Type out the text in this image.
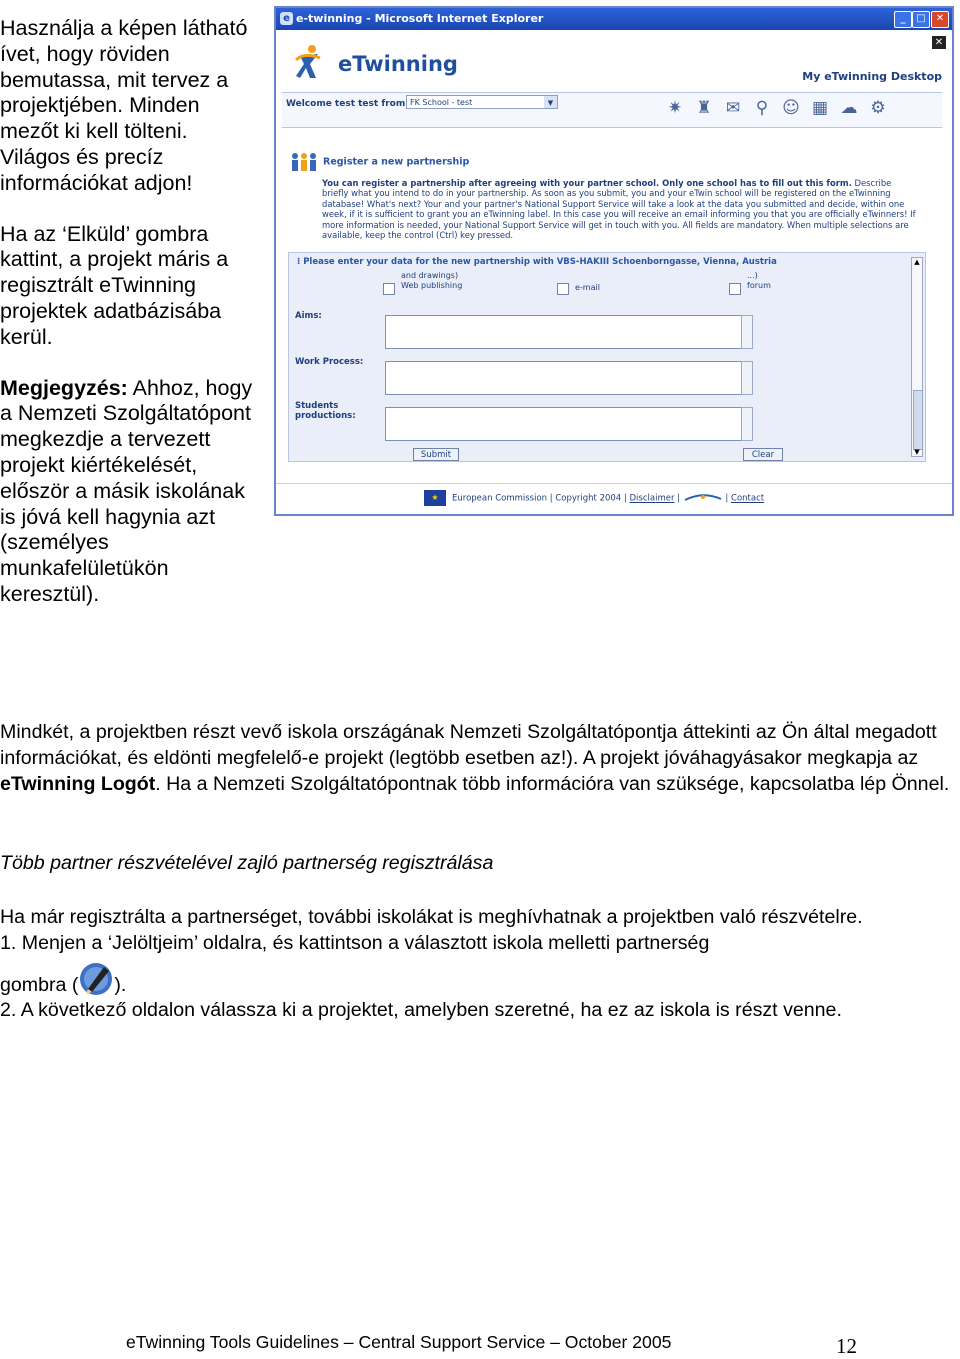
Használja a képen látható ívet, hogy röviden bemutassa, mit tervez a projektjében. Minden mezőt ki kell tölteni. Világos és precíz információkat adjon!

Ha az ‘Elküld’ gombra kattint, a projekt máris a regisztrált eTwinning projektek adatbázisába kerül.

Megjegyzés: Ahhoz, hogy a Nemzeti Szolgáltatópont megkezdje a tervezett projekt kiértékelését, először a másik iskolának is jóvá kell hagynia azt (személyes munkafelületükön keresztül).

e e-twinning - Microsoft Internet Explorer	_	□	✕
✕
eTwinning
My eTwinning Desktop
Welcome test test from FK School - test	▼	✷ ♜ ✉ ⚲ ☺ ▦ ☁ ⚙
Register a new partnership
You can register a partnership after agreeing with your partner school. Only one school has to fill out this form. Describe briefly what you intend to do in your partnership. As soon as you submit, you and your eTwin school will be registered on the eTwinning database! What's next? Your and your partner's National Support Service will take a look at the data you submitted and decide, within one week, if it is sufficient to grant you an eTwinning label. In this case you will receive an email informing you that you are officially eTwinners! If more information is needed, your National Support Service will get in touch with you. All fields are mandatory. When multiple selections are available, keep the control (Ctrl) key pressed.
⁝ Please enter your data for the new partnership with VBS-HAKIII Schoenborngasse, Vienna, Austria
and drawings)
Web publishing	e-mail
...)
forum
Aims:
Work Process:
Students
productions:
Submit	Clear
▲
▼
★	European Commission | Copyright 2004 | Disclaimer |	| Contact

Mindkét, a projektben részt vevő iskola országának Nemzeti Szolgáltatópontja áttekinti az Ön által megadott információkat, és eldönti megfelelő-e projekt (legtöbb esetben az!). A projekt jóváhagyásakor megkapja az eTwinning Logót. Ha a Nemzeti Szolgáltatópontnak több információra van szüksége, kapcsolatba lép Önnel.

Több partner részvételével zajló partnerség regisztrálása

Ha már regisztrálta a partnerséget, további iskolákat is meghívhatnak a projektben való részvételre.

1. Menjen a ‘Jelöltjeim’ oldalra, és kattintson a választott iskola melletti partnerség

gombra ( ).

2. A következő oldalon válassza ki a projektet, amelyben szeretné, ha ez az iskola is részt venne.

eTwinning Tools Guidelines – Central Support Service – October 2005	12
